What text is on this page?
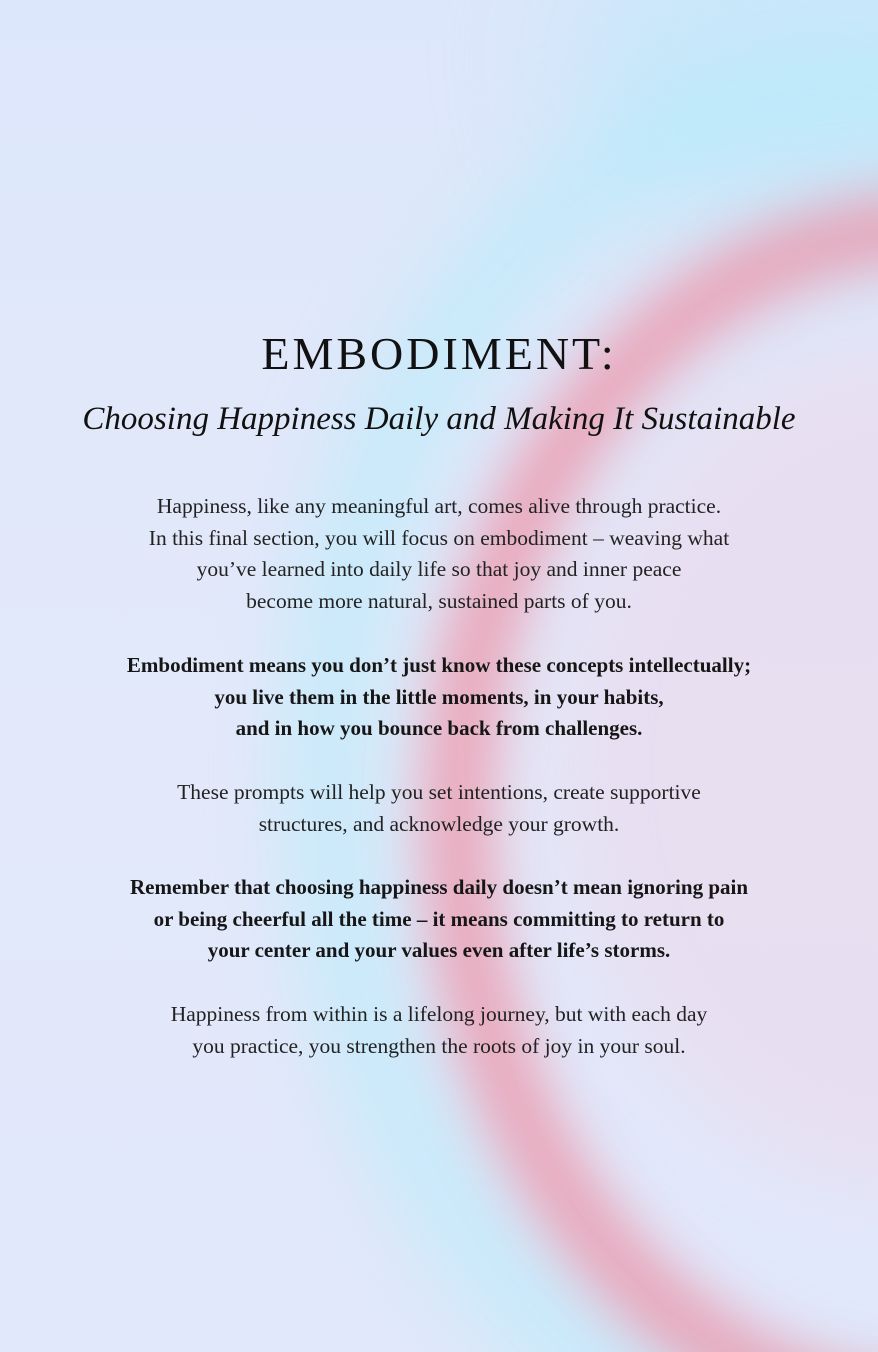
EMBODIMENT:
Choosing Happiness Daily and Making It Sustainable

Happiness, like any meaningful art, comes alive through practice.
In this final section, you will focus on embodiment – weaving what
you’ve learned into daily life so that joy and inner peace
become more natural, sustained parts of you.

Embodiment means you don’t just know these concepts intellectually;
you live them in the little moments, in your habits,
and in how you bounce back from challenges.

These prompts will help you set intentions, create supportive
structures, and acknowledge your growth.

Remember that choosing happiness daily doesn’t mean ignoring pain
or being cheerful all the time – it means committing to return to
your center and your values even after life’s storms.

Happiness from within is a lifelong journey, but with each day
you practice, you strengthen the roots of joy in your soul.
